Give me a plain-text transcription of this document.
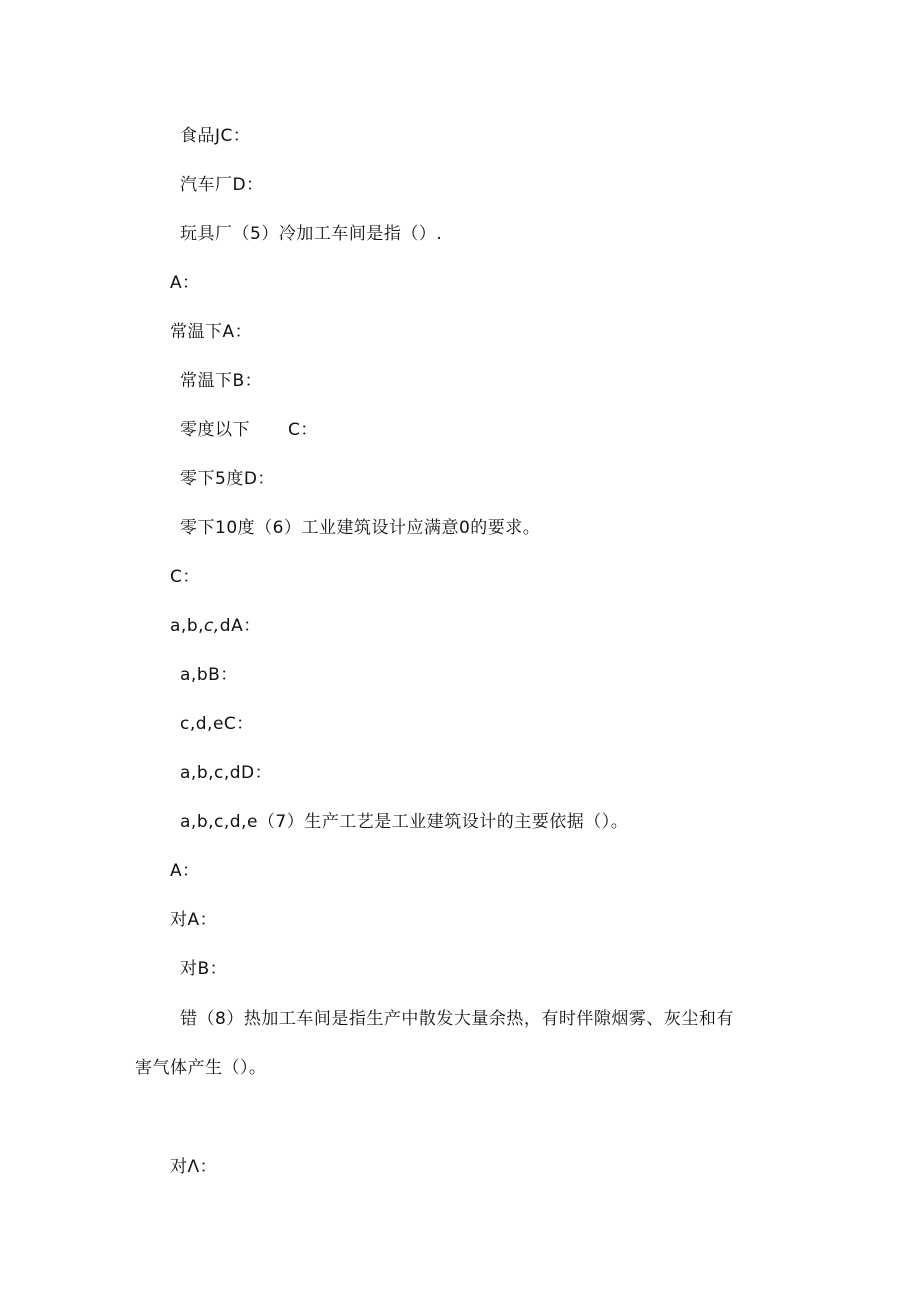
食品JC：
汽车厂D：
玩具厂（5）冷加工车间是指（）.
A：
常温下A：
常温下B：
零度以下 C：
零下5度D：
零下10度（6）工业建筑设计应满意0的要求。
C：
a,b,c,dA：
a,bB：
c,d,eC：
a,b,c,dD：
a,b,c,d,e（7）生产工艺是工业建筑设计的主要依据（）。
A：
对A：
对B：
错（8）热加工车间是指生产中散发大量余热，有时伴隙烟雾、灰尘和有
害气体产生（）。
对Λ：
